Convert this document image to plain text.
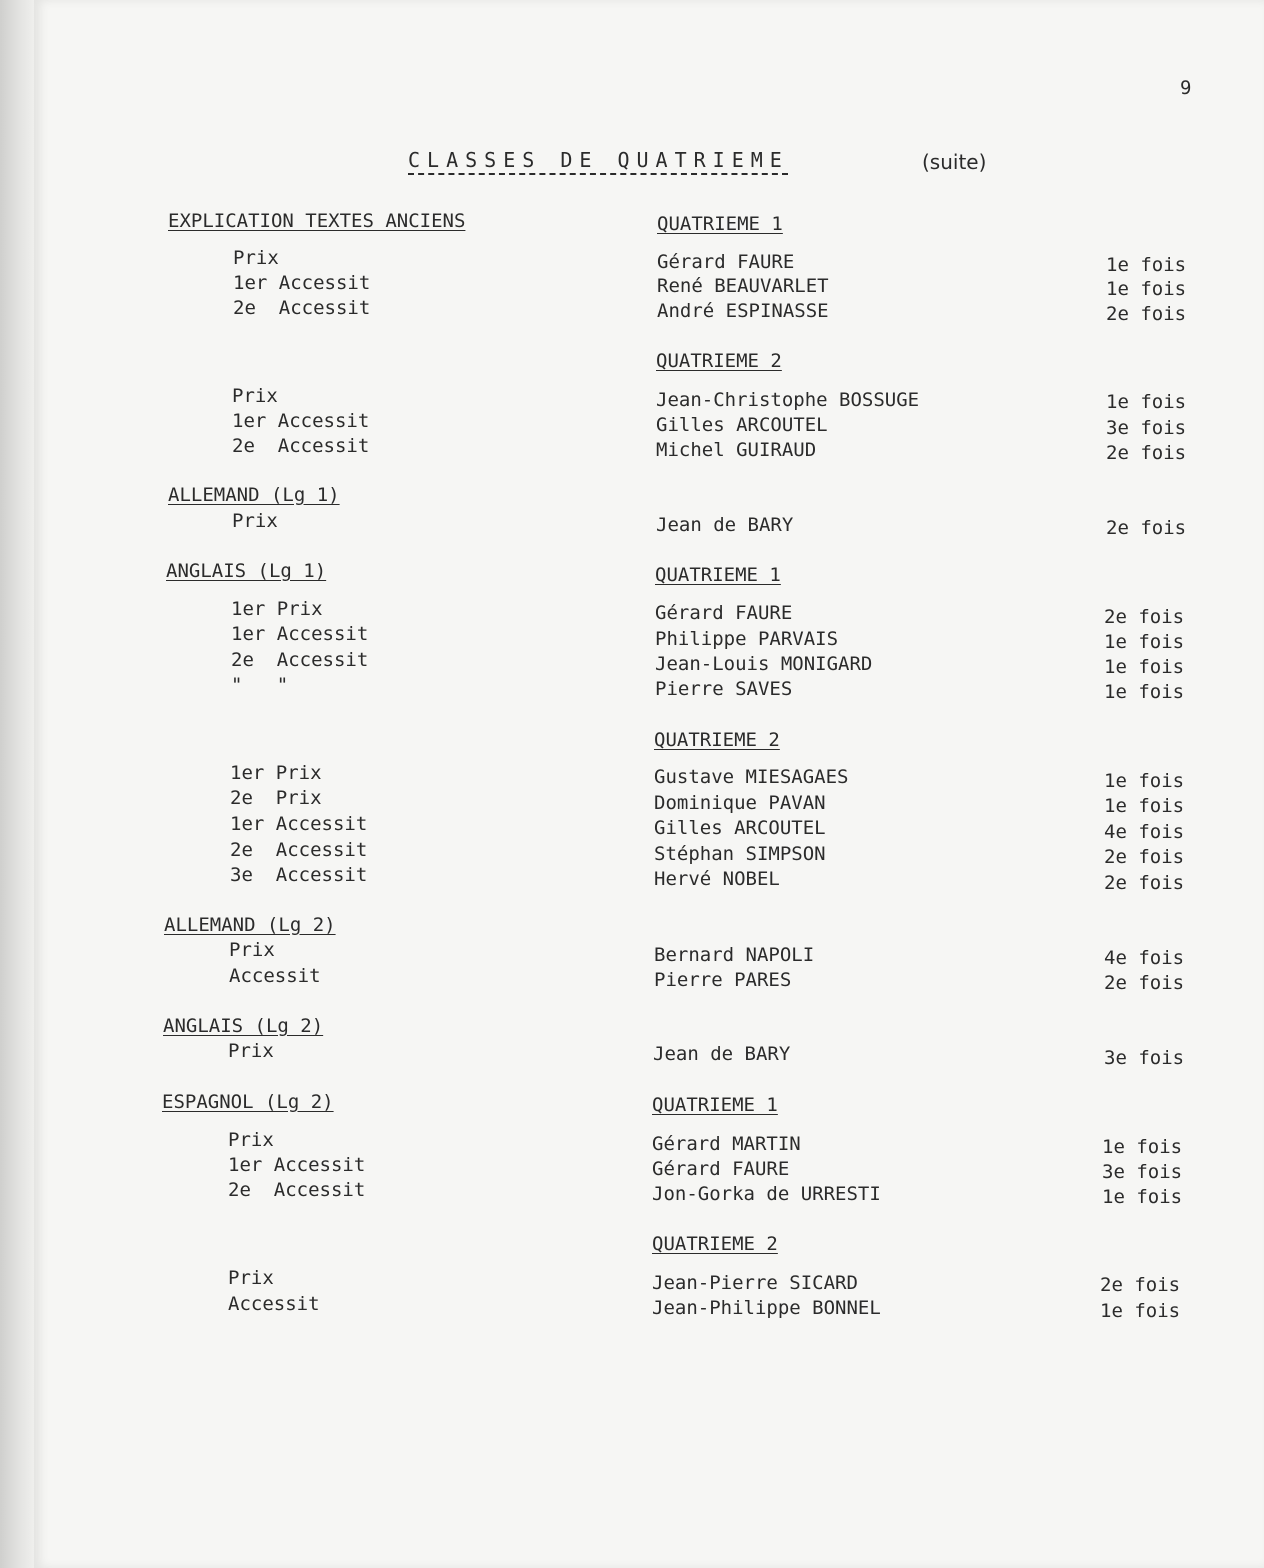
9
CLASSES DE QUATRIEME	(suite)
EXPLICATION TEXTES ANCIENS
ALLEMAND (Lg 1)
ANGLAIS (Lg 1)
ALLEMAND (Lg 2)
ANGLAIS (Lg 2)
ESPAGNOL (Lg 2)
Prix
1er Accessit
2e  Accessit
Prix
1er Accessit
2e  Accessit
Prix
1er Prix
1er Accessit
2e  Accessit
"   "
1er Prix
2e  Prix
1er Accessit
2e  Accessit
3e  Accessit
Prix
Accessit
Prix
Prix
1er Accessit
2e  Accessit
Prix
Accessit
QUATRIEME 1
QUATRIEME 2
QUATRIEME 1
QUATRIEME 2
QUATRIEME 1
QUATRIEME 2
Gérard FAURE
René BEAUVARLET
André ESPINASSE
Jean-Christophe BOSSUGE
Gilles ARCOUTEL
Michel GUIRAUD
Jean de BARY
Gérard FAURE
Philippe PARVAIS
Jean-Louis MONIGARD
Pierre SAVES
Gustave MIESAGAES
Dominique PAVAN
Gilles ARCOUTEL
Stéphan SIMPSON
Hervé NOBEL
Bernard NAPOLI
Pierre PARES
Jean de BARY
Gérard MARTIN
Gérard FAURE
Jon-Gorka de URRESTI
Jean-Pierre SICARD
Jean-Philippe BONNEL
1e fois
1e fois
2e fois
1e fois
3e fois
2e fois
2e fois
2e fois
1e fois
1e fois
1e fois
1e fois
1e fois
4e fois
2e fois
2e fois
4e fois
2e fois
3e fois
1e fois
3e fois
1e fois
2e fois
1e fois
